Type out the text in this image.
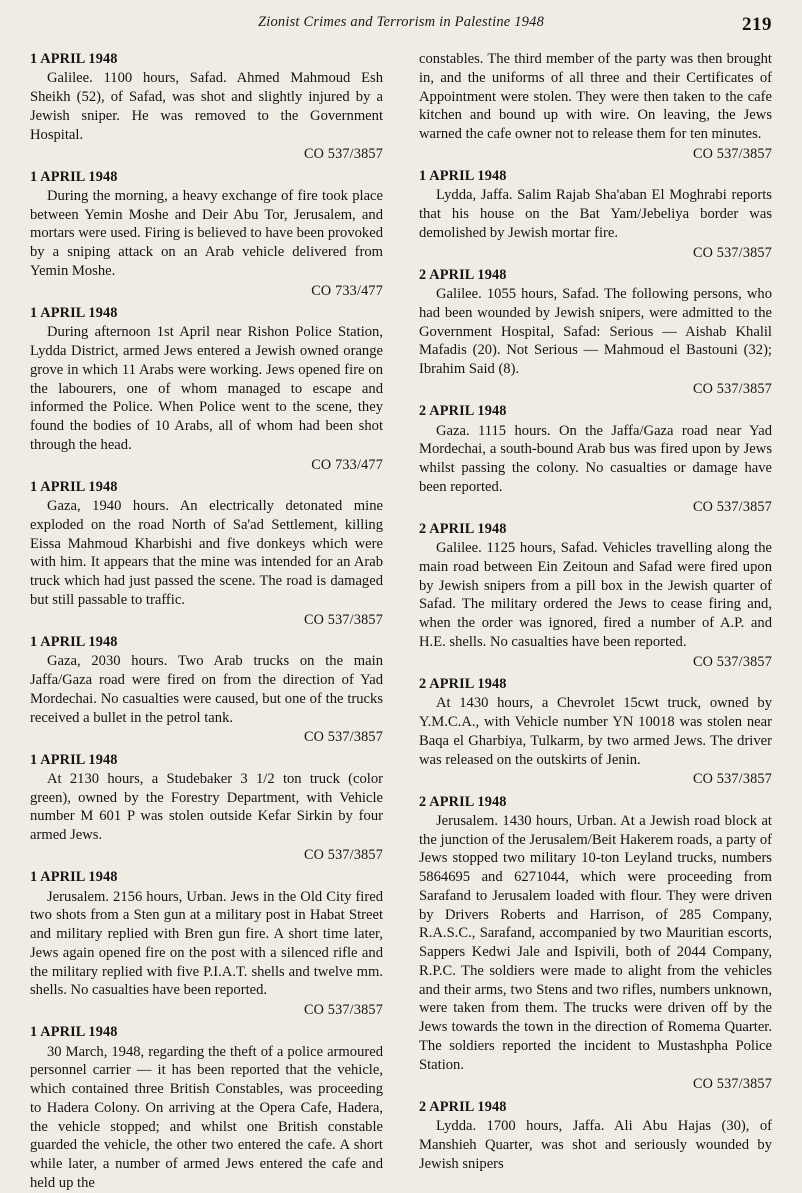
Zionist Crimes and Terrorism in Palestine 1948	219
1 APRIL 1948

Galilee. 1100 hours, Safad. Ahmed Mahmoud Esh Sheikh (52), of Safad, was shot and slightly injured by a Jewish sniper. He was removed to the Government Hospital.

CO 537/3857
1 APRIL 1948

During the morning, a heavy exchange of fire took place between Yemin Moshe and Deir Abu Tor, Jerusalem, and mortars were used. Firing is believed to have been provoked by a sniping attack on an Arab vehicle delivered from Yemin Moshe.

CO 733/477
1 APRIL 1948

During afternoon 1st April near Rishon Police Station, Lydda District, armed Jews entered a Jewish owned orange grove in which 11 Arabs were working. Jews opened fire on the labourers, one of whom managed to escape and informed the Police. When Police went to the scene, they found the bodies of 10 Arabs, all of whom had been shot through the head.

CO 733/477
1 APRIL 1948

Gaza, 1940 hours. An electrically detonated mine exploded on the road North of Sa'ad Settlement, killing Eissa Mahmoud Kharbishi and five donkeys which were with him. It appears that the mine was intended for an Arab truck which had just passed the scene. The road is damaged but still passable to traffic.

CO 537/3857
1 APRIL 1948

Gaza, 2030 hours. Two Arab trucks on the main Jaffa/Gaza road were fired on from the direction of Yad Mordechai. No casualties were caused, but one of the trucks received a bullet in the petrol tank.

CO 537/3857
1 APRIL 1948

At 2130 hours, a Studebaker 3 1/2 ton truck (color green), owned by the Forestry Department, with Vehicle number M 601 P was stolen outside Kefar Sirkin by four armed Jews.

CO 537/3857
1 APRIL 1948

Jerusalem. 2156 hours, Urban. Jews in the Old City fired two shots from a Sten gun at a military post in Habat Street and military replied with Bren gun fire. A short time later, Jews again opened fire on the post with a silenced rifle and the military replied with five P.I.A.T. shells and twelve mm. shells. No casualties have been reported.

CO 537/3857
1 APRIL 1948

30 March, 1948, regarding the theft of a police armoured personnel carrier — it has been reported that the vehicle, which contained three British Constables, was proceeding to Hadera Colony. On arriving at the Opera Cafe, Hadera, the vehicle stopped; and whilst one British constable guarded the vehicle, the other two entered the cafe. A short while later, a number of armed Jews entered the cafe and held up the

constables. The third member of the party was then brought in, and the uniforms of all three and their Certificates of Appointment were stolen. They were then taken to the cafe kitchen and bound up with wire. On leaving, the Jews warned the cafe owner not to release them for ten minutes.

CO 537/3857
1 APRIL 1948

Lydda, Jaffa. Salim Rajab Sha'aban El Moghrabi reports that his house on the Bat Yam/Jebeliya border was demolished by Jewish mortar fire.

CO 537/3857
2 APRIL 1948

Galilee. 1055 hours, Safad. The following persons, who had been wounded by Jewish snipers, were admitted to the Government Hospital, Safad: Serious — Aishab Khalil Mafadis (20). Not Serious — Mahmoud el Bastouni (32); Ibrahim Said (8).

CO 537/3857
2 APRIL 1948

Gaza. 1115 hours. On the Jaffa/Gaza road near Yad Mordechai, a south-bound Arab bus was fired upon by Jews whilst passing the colony. No casualties or damage have been reported.

CO 537/3857
2 APRIL 1948

Galilee. 1125 hours, Safad. Vehicles travelling along the main road between Ein Zeitoun and Safad were fired upon by Jewish snipers from a pill box in the Jewish quarter of Safad. The military ordered the Jews to cease firing and, when the order was ignored, fired a number of A.P. and H.E. shells. No casualties have been reported.

CO 537/3857
2 APRIL 1948

At 1430 hours, a Chevrolet 15cwt truck, owned by Y.M.C.A., with Vehicle number YN 10018 was stolen near Baqa el Gharbiya, Tulkarm, by two armed Jews. The driver was released on the outskirts of Jenin.

CO 537/3857
2 APRIL 1948

Jerusalem. 1430 hours, Urban. At a Jewish road block at the junction of the Jerusalem/Beit Hakerem roads, a party of Jews stopped two military 10-ton Leyland trucks, numbers 5864695 and 6271044, which were proceeding from Sarafand to Jerusalem loaded with flour. They were driven by Drivers Roberts and Harrison, of 285 Company, R.A.S.C., Sarafand, accompanied by two Mauritian escorts, Sappers Kedwi Jale and Ispivili, both of 2044 Company, R.P.C. The soldiers were made to alight from the vehicles and their arms, two Stens and two rifles, numbers unknown, were taken from them. The trucks were driven off by the Jews towards the town in the direction of Romema Quarter. The soldiers reported the incident to Mustashpha Police Station.

CO 537/3857
2 APRIL 1948

Lydda. 1700 hours, Jaffa. Ali Abu Hajas (30), of Manshieh Quarter, was shot and seriously wounded by Jewish snipers
